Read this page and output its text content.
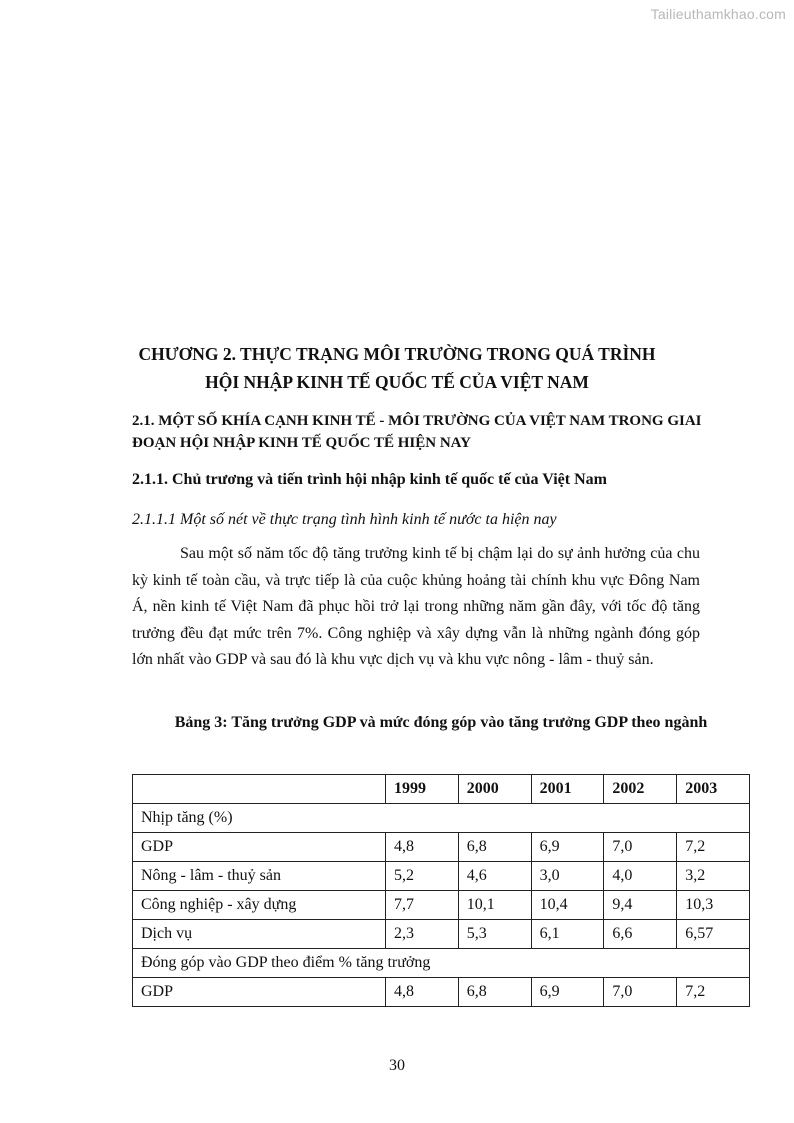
Tailieuthamkhao.com
CHƯƠNG 2. THỰC TRẠNG MÔI TRƯỜNG TRONG QUÁ TRÌNH
HỘI NHẬP KINH TẾ QUỐC TẾ CỦA VIỆT NAM
2.1. MỘT SỐ KHÍA CẠNH KINH TẾ - MÔI TRƯỜNG CỦA VIỆT NAM TRONG GIAI ĐOẠN HỘI NHẬP KINH TẾ QUỐC TẾ HIỆN NAY
2.1.1. Chủ trương và tiến trình hội nhập kinh tế quốc tế của Việt Nam
2.1.1.1 Một số nét về thực trạng tình hình kinh tế nước ta hiện nay

Sau một số năm tốc độ tăng trưởng kinh tế bị chậm lại do sự ảnh hưởng của chu kỳ kinh tế toàn cầu, và trực tiếp là của cuộc khủng hoảng tài chính khu vực Đông Nam Á, nền kinh tế Việt Nam đã phục hồi trở lại trong những năm gần đây, với tốc độ tăng trưởng đều đạt mức trên 7%. Công nghiệp và xây dựng vẫn là những ngành đóng góp lớn nhất vào GDP và sau đó là khu vực dịch vụ và khu vực nông - lâm - thuỷ sản.

Bảng 3: Tăng trưởng GDP và mức đóng góp vào tăng trưởng GDP theo ngành
	1999	2000	2001	2002	2003
Nhịp tăng (%)					
GDP	4,8	6,8	6,9	7,0	7,2
Nông - lâm - thuỷ sản	5,2	4,6	3,0	4,0	3,2
Công nghiệp - xây dựng	7,7	10,1	10,4	9,4	10,3
Dịch vụ	2,3	5,3	6,1	6,6	6,57
Đóng góp vào GDP theo điểm % tăng trưởng					
GDP	4,8	6,8	6,9	7,0	7,2
30
